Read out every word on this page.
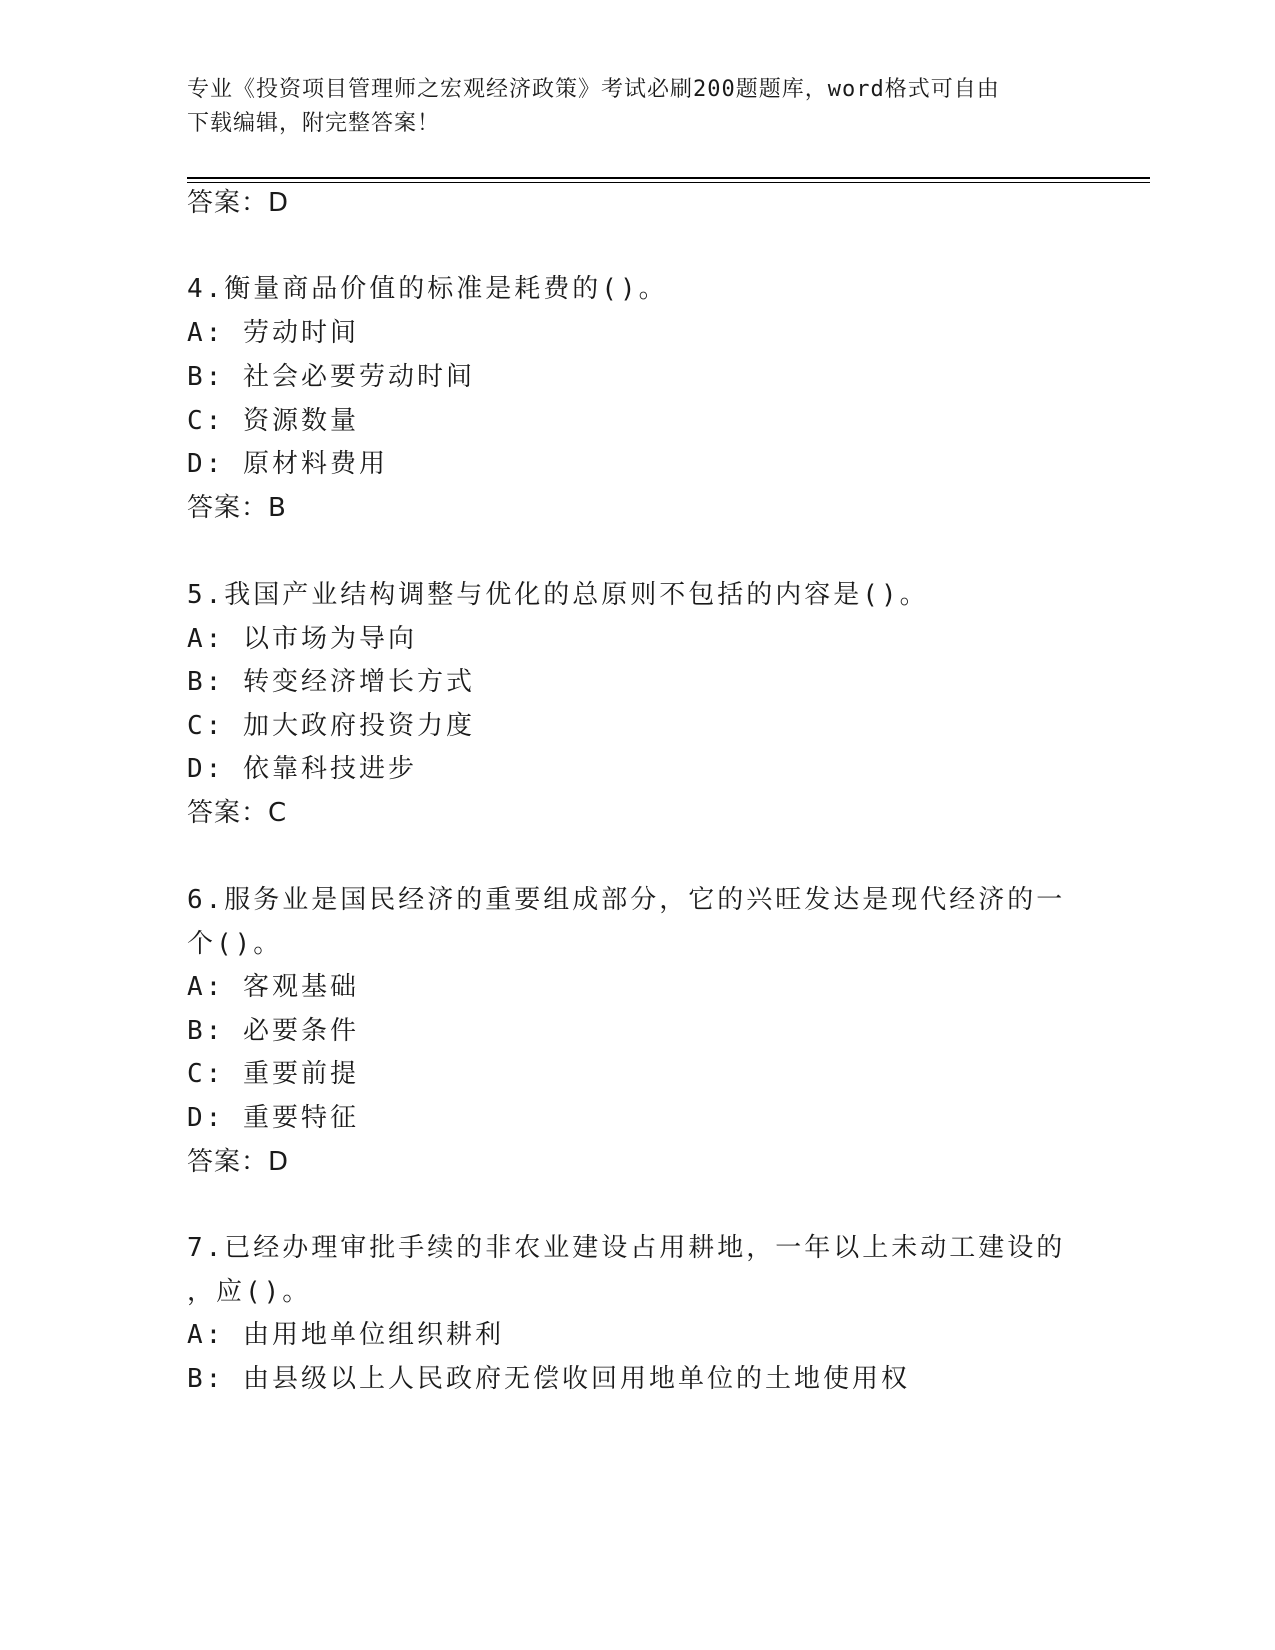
专业《投资项目管理师之宏观经济政策》考试必刷200题题库，word格式可自由
下载编辑，附完整答案！
答案：D
4.衡量商品价值的标准是耗费的()。
A: 劳动时间
B: 社会必要劳动时间
C: 资源数量
D: 原材料费用
答案：B
5.我国产业结构调整与优化的总原则不包括的内容是()。
A: 以市场为导向
B: 转变经济增长方式
C: 加大政府投资力度
D: 依靠科技进步
答案：C
6.服务业是国民经济的重要组成部分，它的兴旺发达是现代经济的一
个()。
A: 客观基础
B: 必要条件
C: 重要前提
D: 重要特征
答案：D
7.已经办理审批手续的非农业建设占用耕地，一年以上未动工建设的
，应()。
A: 由用地单位组织耕利
B: 由县级以上人民政府无偿收回用地单位的土地使用权
